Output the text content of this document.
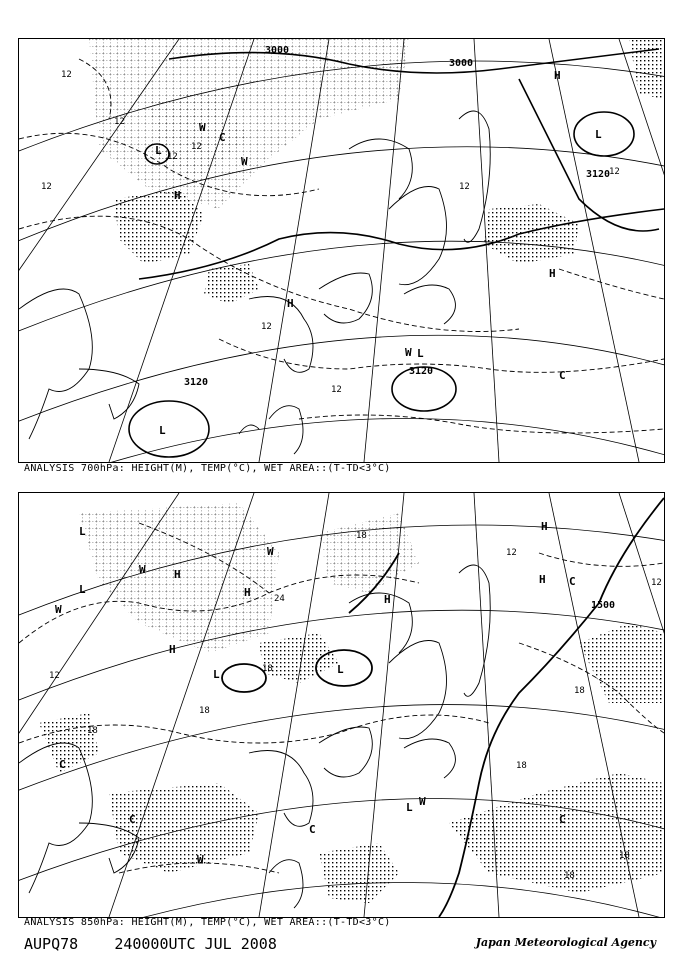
3000
3000
3120
3120
3120
12
12
12
12
12
12
12
12
12
L
L
L
L
H
H
H
H
W
W
W
C
C
ANALYSIS 700hPa: HEIGHT(M), TEMP(°C), WET AREA::(T-TD<3°C)
1500
12
12
12
18
18
18
18
18
18
18
18
24
L
L
L	L
L
H
H
H
H
H
H
W
W
W
W
W
C
C
C
C
C
ANALYSIS 850hPa: HEIGHT(M), TEMP(°C), WET AREA::(T-TD<3°C)
AUPQ78 240000UTC JUL 2008	Japan Meteorological Agency
